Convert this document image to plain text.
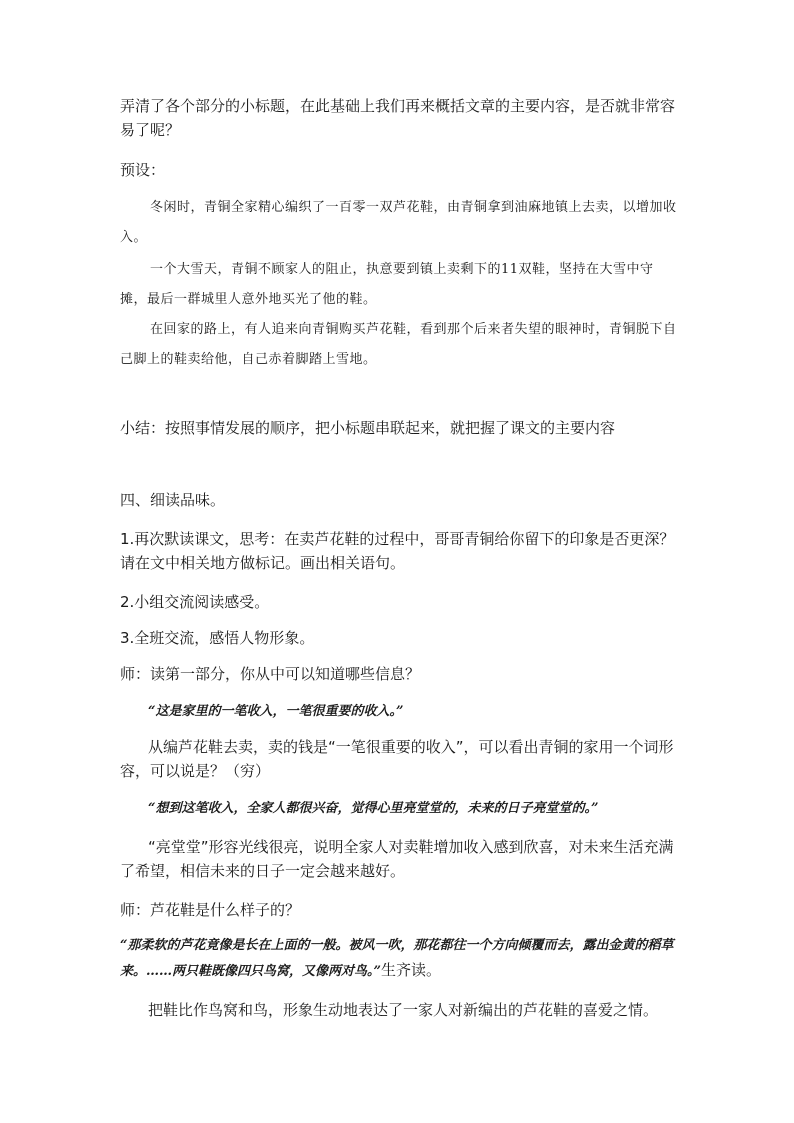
弄清了各个部分的小标题，在此基础上我们再来概括文章的主要内容，是否就非常容易了呢？

预设：

冬闲时，青铜全家精心编织了一百零一双芦花鞋，由青铜拿到油麻地镇上去卖，以增加收入。

一个大雪天，青铜不顾家人的阻止，执意要到镇上卖剩下的11双鞋，坚持在大雪中守摊，最后一群城里人意外地买光了他的鞋。

在回家的路上，有人追来向青铜购买芦花鞋，看到那个后来者失望的眼神时，青铜脱下自己脚上的鞋卖给他，自己赤着脚踏上雪地。

小结：按照事情发展的顺序，把小标题串联起来，就把握了课文的主要内容

四、细读品味。

1.再次默读课文，思考：在卖芦花鞋的过程中，哥哥青铜给你留下的印象是否更深？请在文中相关地方做标记。画出相关语句。

2.小组交流阅读感受。

3.全班交流，感悟人物形象。

师：读第一部分，你从中可以知道哪些信息？

“这是家里的一笔收入，一笔很重要的收入。”

从编芦花鞋去卖，卖的钱是“一笔很重要的收入”，可以看出青铜的家用一个词形容，可以说是？（穷）

“想到这笔收入，全家人都很兴奋，觉得心里亮堂堂的，未来的日子亮堂堂的。”

“亮堂堂”形容光线很亮，说明全家人对卖鞋增加收入感到欣喜，对未来生活充满了希望，相信未来的日子一定会越来越好。

师：芦花鞋是什么样子的？

“那柔软的芦花竟像是长在上面的一般。被风一吹，那花都往一个方向倾覆而去，露出金黄的稻草来。……两只鞋既像四只鸟窝，又像两对鸟。”生齐读。

把鞋比作鸟窝和鸟，形象生动地表达了一家人对新编出的芦花鞋的喜爱之情。
